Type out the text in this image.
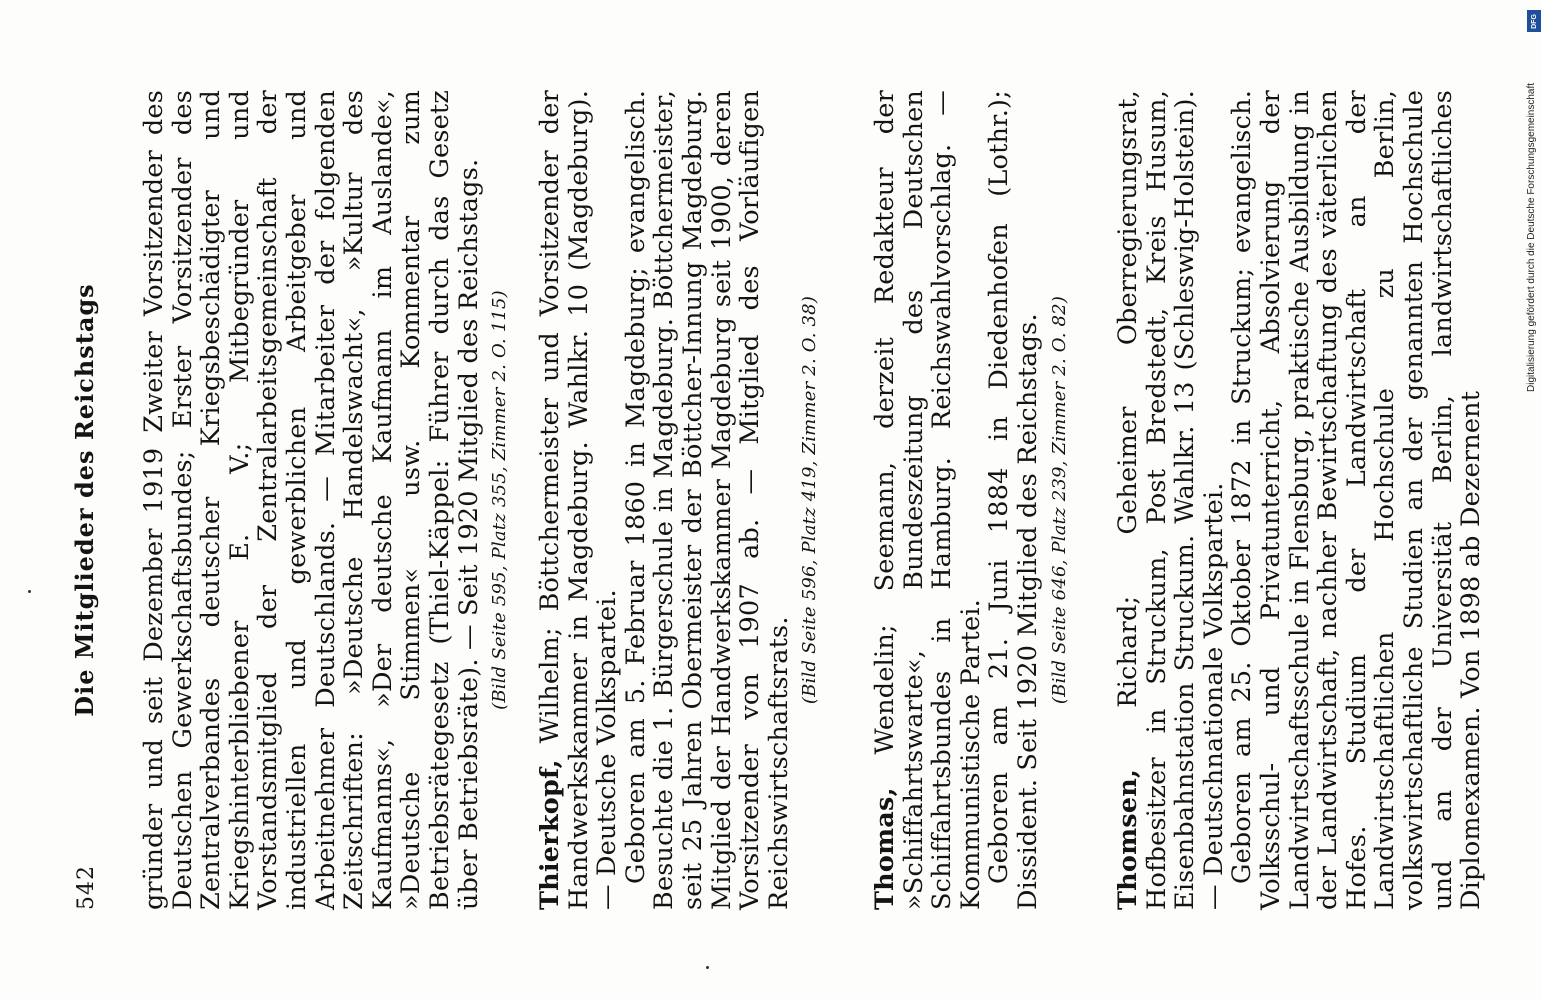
542
Die Mitglieder des Reichstags gründer und seit Dezember 1919 Zweiter Vorsitzender des Deutschen Gewerkschaftsbundes; Erster Vorsitzender des Zentralverbandes deutscher Kriegsbeschädigter und Kriegshinterbliebener E. V.; Mitbegründer und Vorstandsmitglied der Zentralarbeitsgemeinschaft der industriellen und gewerblichen Arbeitgeber und Arbeitnehmer Deutschlands. — Mitarbeiter der folgenden Zeitschriften: »Deutsche Handelswacht«, »Kultur des Kaufmanns«, »Der deutsche Kaufmann im Auslande«, »Deutsche Stimmen« usw. Kommentar zum Betriebsrätegesetz (Thiel-Käppel: Führer durch das Gesetz über Betriebsräte). — Seit 1920 Mitglied des Reichstags. (Bild Seite 595, Platz 355, Zimmer 2. O. 115)

Thierkopf, Wilhelm; Böttchermeister und Vorsitzender der Handwerkskammer in Magdeburg. Wahlkr. 10 (Magdeburg). — Deutsche Volkspartei.

Geboren am 5. Februar 1860 in Magdeburg; evangelisch. Besuchte die 1. Bürgerschule in Magdeburg. Böttchermeister, seit 25 Jahren Obermeister der Böttcher-Innung Magdeburg. Mitglied der Handwerkskammer Magdeburg seit 1900, deren Vorsitzender von 1907 ab. — Mitglied des Vorläufigen Reichswirtschaftsrats.

(Bild Seite 596, Platz 419, Zimmer 2. O. 38)

Thomas, Wendelin; Seemann, derzeit Redakteur der »Schiffahrtswarte«, Bundeszeitung des Deutschen Schiffahrtsbundes in Hamburg. Reichswahlvorschlag. — Kommunistische Partei.

Geboren am 21. Juni 1884 in Diedenhofen (Lothr.); Dissident. Seit 1920 Mitglied des Reichstags. (Bild Seite 646, Platz 239, Zimmer 2. O. 82)

Thomsen, Richard; Geheimer Oberregierungsrat, Hofbesitzer in Struckum, Post Bredstedt, Kreis Husum, Eisenbahnstation Struckum. Wahlkr. 13 (Schleswig-Holstein). — Deutschnationale Volkspartei.

Geboren am 25. Oktober 1872 in Struckum; evangelisch. Volksschul- und Privatunterricht, Absolvierung der Landwirtschaftsschule in Flensburg, praktische Ausbildung in der Landwirtschaft, nachher Bewirtschaftung des väterlichen Hofes. Studium der Landwirtschaft an der Landwirtschaftlichen Hochschule zu Berlin, volkswirtschaftliche Studien an der genannten Hochschule und an der Universität Berlin, landwirtschaftliches Diplomexamen. Von 1898 ab Dezernent

DFG
Digitalisierung gefördert durch die Deutsche Forschungsgemeinschaft
